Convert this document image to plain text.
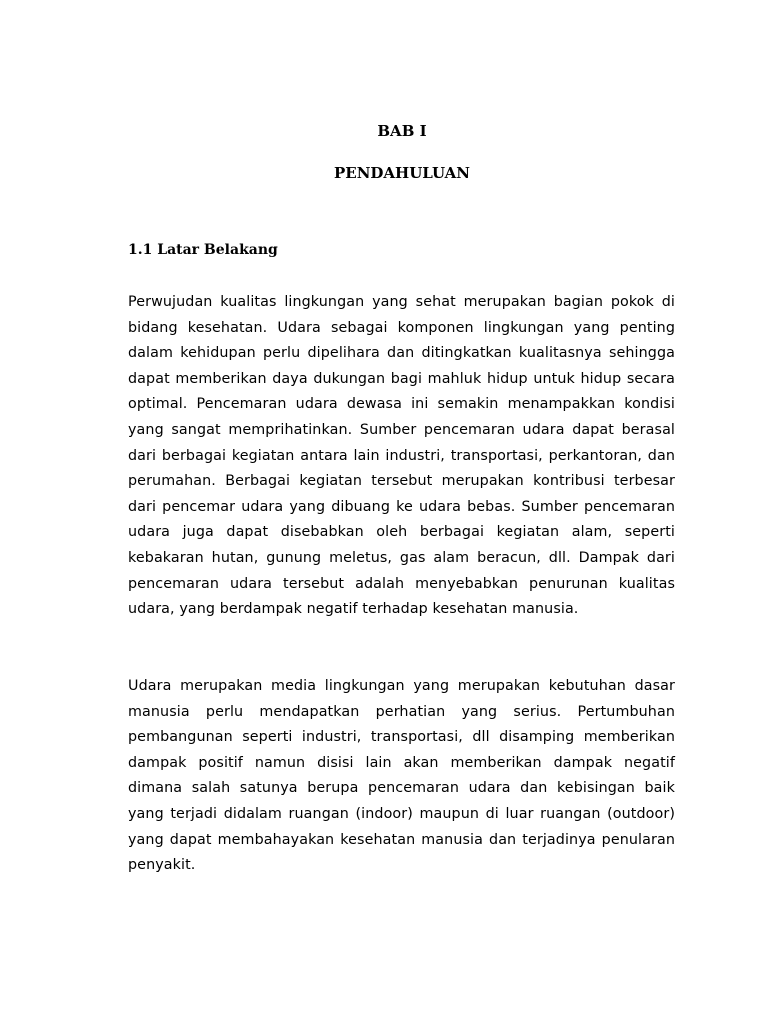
BAB I
PENDAHULUAN
1.1 Latar Belakang

Perwujudan kualitas lingkungan yang sehat merupakan bagian pokok di bidang kesehatan. Udara sebagai komponen lingkungan yang penting dalam kehidupan perlu dipelihara dan ditingkatkan kualitasnya sehingga dapat memberikan daya dukungan bagi mahluk hidup untuk hidup secara optimal. Pencemaran udara dewasa ini semakin menampakkan kondisi yang sangat memprihatinkan. Sumber pencemaran udara dapat berasal dari berbagai kegiatan antara lain industri, transportasi, perkantoran, dan perumahan. Berbagai kegiatan tersebut merupakan kontribusi terbesar dari pencemar udara yang dibuang ke udara bebas. Sumber pencemaran udara juga dapat disebabkan oleh berbagai kegiatan alam, seperti kebakaran hutan, gunung meletus, gas alam beracun, dll. Dampak dari pencemaran udara tersebut adalah menyebabkan penurunan kualitas udara, yang berdampak negatif terhadap kesehatan manusia.

Udara merupakan media lingkungan yang merupakan kebutuhan dasar manusia perlu mendapatkan perhatian yang serius. Pertumbuhan pembangunan seperti industri, transportasi, dll disamping memberikan dampak positif namun disisi lain akan memberikan dampak negatif dimana salah satunya berupa pencemaran udara dan kebisingan baik yang terjadi didalam ruangan (indoor) maupun di luar ruangan (outdoor) yang dapat membahayakan kesehatan manusia dan terjadinya penularan penyakit.
